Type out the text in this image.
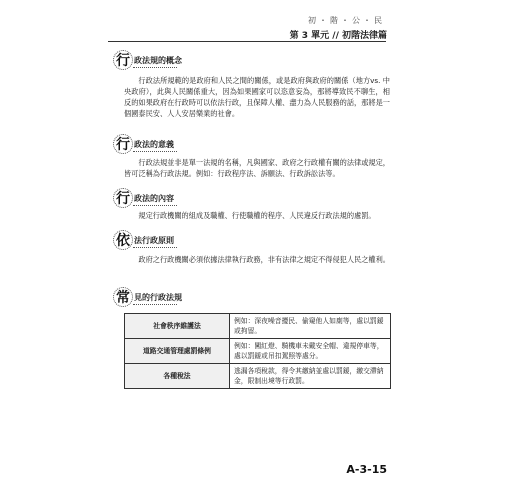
初・階・公・民
第 3 單元 // 初階法律篇
行 政法規的概念

行政法所規範的是政府和人民之間的關係，或是政府與政府的關係（地方vs. 中央政府），此與人民關係重大，因為如果國家可以恣意妄為，那將導致民不聊生，相反的如果政府在行政時可以依法行政，且保障人權、盡力為人民服務的話，那將是一個國泰民安、人人安居樂業的社會。

行 政法的意義

行政法規並非是單一法規的名稱，凡與國家、政府之行政權有關的法律或規定，皆可泛稱為行政法規。例如：行政程序法、訴願法、行政訴訟法等。

行 政法的內容

規定行政機關的組成及職權、行使職權的程序、人民違反行政法規的處罰。

依 法行政原則

政府之行政機關必須依據法律執行政務，非有法律之規定不得侵犯人民之權利。

常 見的行政法規
社會秩序維護法	例如：深夜噪音擾民、偷窺他人如廁等，處以罰鍰或拘留。
道路交通管理處罰條例	例如：闖紅燈、騎機車未戴安全帽、違規停車等，處以罰鍰或吊扣駕照等處分。
各種稅法	逃漏各項稅款，得令其繳納並處以罰鍰，繳交滯納金，限制出境等行政罰。
A-3-15
